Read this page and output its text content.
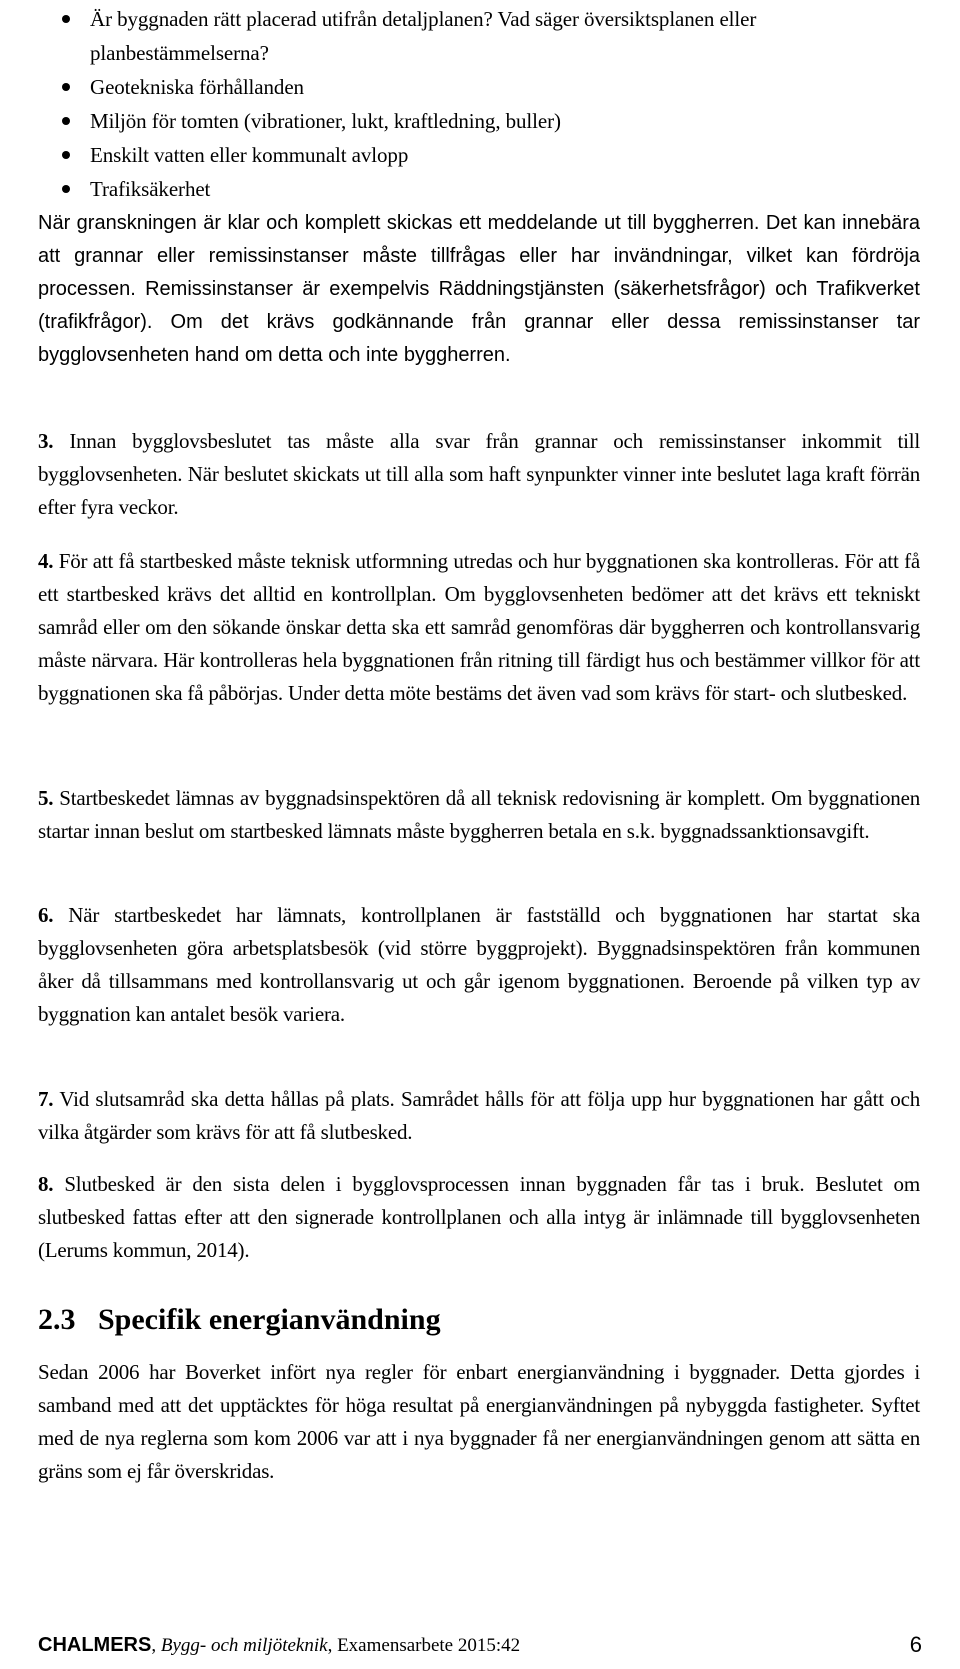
Är byggnaden rätt placerad utifrån detaljplanen? Vad säger översiktsplanen eller planbestämmelserna?
Geotekniska förhållanden
Miljön för tomten (vibrationer, lukt, kraftledning, buller)
Enskilt vatten eller kommunalt avlopp
Trafiksäkerhet

När granskningen är klar och komplett skickas ett meddelande ut till byggherren. Det kan innebära att grannar eller remissinstanser måste tillfrågas eller har invändningar, vilket kan fördröja processen. Remissinstanser är exempelvis Räddningstjänsten (säkerhetsfrågor) och Trafikverket (trafikfrågor). Om det krävs godkännande från grannar eller dessa remissinstanser tar bygglovsenheten hand om detta och inte byggherren.

3. Innan bygglovsbeslutet tas måste alla svar från grannar och remissinstanser inkommit till bygglovsenheten. När beslutet skickats ut till alla som haft synpunkter vinner inte beslutet laga kraft förrän efter fyra veckor.

4. För att få startbesked måste teknisk utformning utredas och hur byggnationen ska kontrolleras. För att få ett startbesked krävs det alltid en kontrollplan. Om bygglovsenheten bedömer att det krävs ett tekniskt samråd eller om den sökande önskar detta ska ett samråd genomföras där byggherren och kontrollansvarig måste närvara. Här kontrolleras hela byggnationen från ritning till färdigt hus och bestämmer villkor för att byggnationen ska få påbörjas. Under detta möte bestäms det även vad som krävs för start- och slutbesked.

5. Startbeskedet lämnas av byggnadsinspektören då all teknisk redovisning är komplett. Om byggnationen startar innan beslut om startbesked lämnats måste byggherren betala en s.k. byggnadssanktionsavgift.

6. När startbeskedet har lämnats, kontrollplanen är fastställd och byggnationen har startat ska bygglovsenheten göra arbetsplatsbesök (vid större byggprojekt). Byggnadsinspektören från kommunen åker då tillsammans med kontrollansvarig ut och går igenom byggnationen. Beroende på vilken typ av byggnation kan antalet besök variera.

7. Vid slutsamråd ska detta hållas på plats. Samrådet hålls för att följa upp hur byggnationen har gått och vilka åtgärder som krävs för att få slutbesked.

8. Slutbesked är den sista delen i bygglovsprocessen innan byggnaden får tas i bruk. Beslutet om slutbesked fattas efter att den signerade kontrollplanen och alla intyg är inlämnade till bygglovsenheten (Lerums kommun, 2014).

2.3 Specifik energianvändning

Sedan 2006 har Boverket infört nya regler för enbart energianvändning i byggnader. Detta gjordes i samband med att det upptäcktes för höga resultat på energianvändningen på nybyggda fastigheter. Syftet med de nya reglerna som kom 2006 var att i nya byggnader få ner energianvändningen genom att sätta en gräns som ej får överskridas.

CHALMERS, Bygg- och miljöteknik, Examensarbete 2015:42	6
